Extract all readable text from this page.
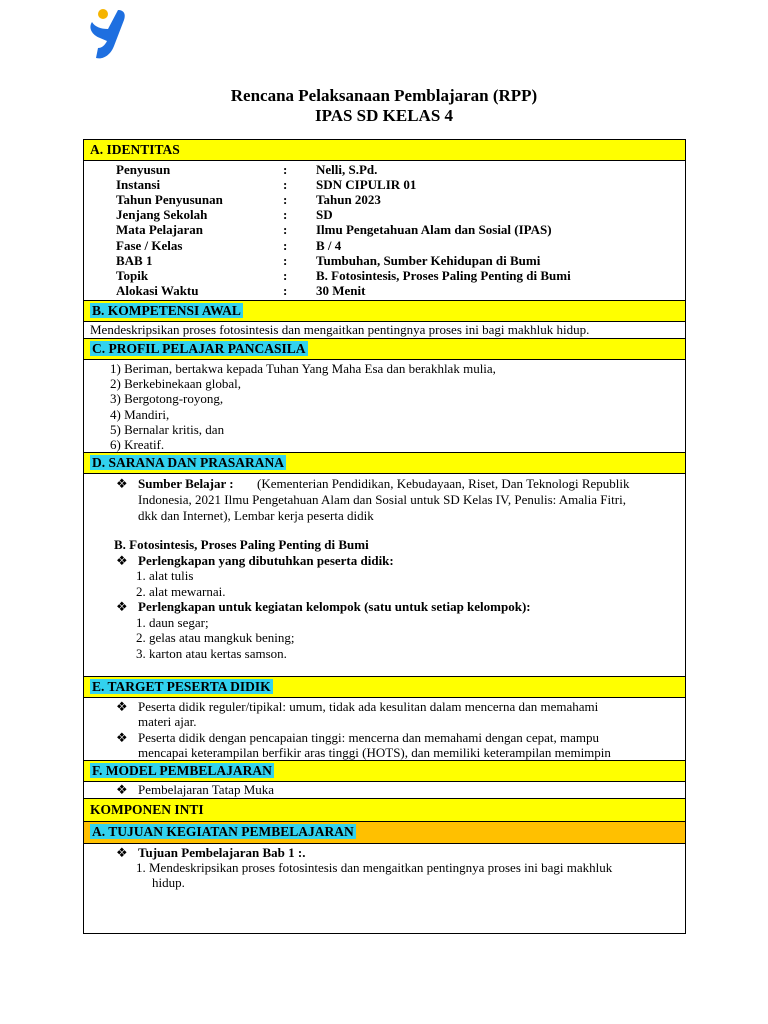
Rencana Pelaksanaan Pemblajaran (RPP)
IPAS SD KELAS 4
A. IDENTITAS
Penyusun	: Nelli, S.Pd.
Instansi	: SDN CIPULIR 01
Tahun Penyusunan	: Tahun 2023
Jenjang Sekolah	: SD
Mata Pelajaran	: Ilmu Pengetahuan Alam dan Sosial (IPAS)
Fase / Kelas	: B / 4
BAB 1	: Tumbuhan, Sumber Kehidupan di Bumi
Topik	: B. Fotosintesis, Proses Paling Penting di Bumi
Alokasi Waktu	: 30 Menit
B. KOMPETENSI AWAL
Mendeskripsikan proses fotosintesis dan mengaitkan pentingnya proses ini bagi makhluk hidup.
C. PROFIL PELAJAR PANCASILA
1) Beriman, bertakwa kepada Tuhan Yang Maha Esa dan berakhlak mulia,
2) Berkebinekaan global,
3) Bergotong-royong,
4) Mandiri,
5) Bernalar kritis, dan
6) Kreatif.
D. SARANA DAN PRASARANA
❖ Sumber Belajar : (Kementerian Pendidikan, Kebudayaan, Riset, Dan Teknologi Republik
Indonesia, 2021 Ilmu Pengetahuan Alam dan Sosial untuk SD Kelas IV, Penulis: Amalia Fitri,
dkk dan Internet), Lembar kerja peserta didik
B. Fotosintesis, Proses Paling Penting di Bumi
❖ Perlengkapan yang dibutuhkan peserta didik:
1. alat tulis
2. alat mewarnai.
❖ Perlengkapan untuk kegiatan kelompok (satu untuk setiap kelompok):
1. daun segar;
2. gelas atau mangkuk bening;
3. karton atau kertas samson.
E. TARGET PESERTA DIDIK
❖ Peserta didik reguler/tipikal: umum, tidak ada kesulitan dalam mencerna dan memahami
materi ajar.
❖ Peserta didik dengan pencapaian tinggi: mencerna dan memahami dengan cepat, mampu
mencapai keterampilan berfikir aras tinggi (HOTS), dan memiliki keterampilan memimpin
F. MODEL PEMBELAJARAN
❖ Pembelajaran Tatap Muka
KOMPONEN INTI
A. TUJUAN KEGIATAN PEMBELAJARAN
❖ Tujuan Pembelajaran Bab 1 :.
1. Mendeskripsikan proses fotosintesis dan mengaitkan pentingnya proses ini bagi makhluk
hidup.
